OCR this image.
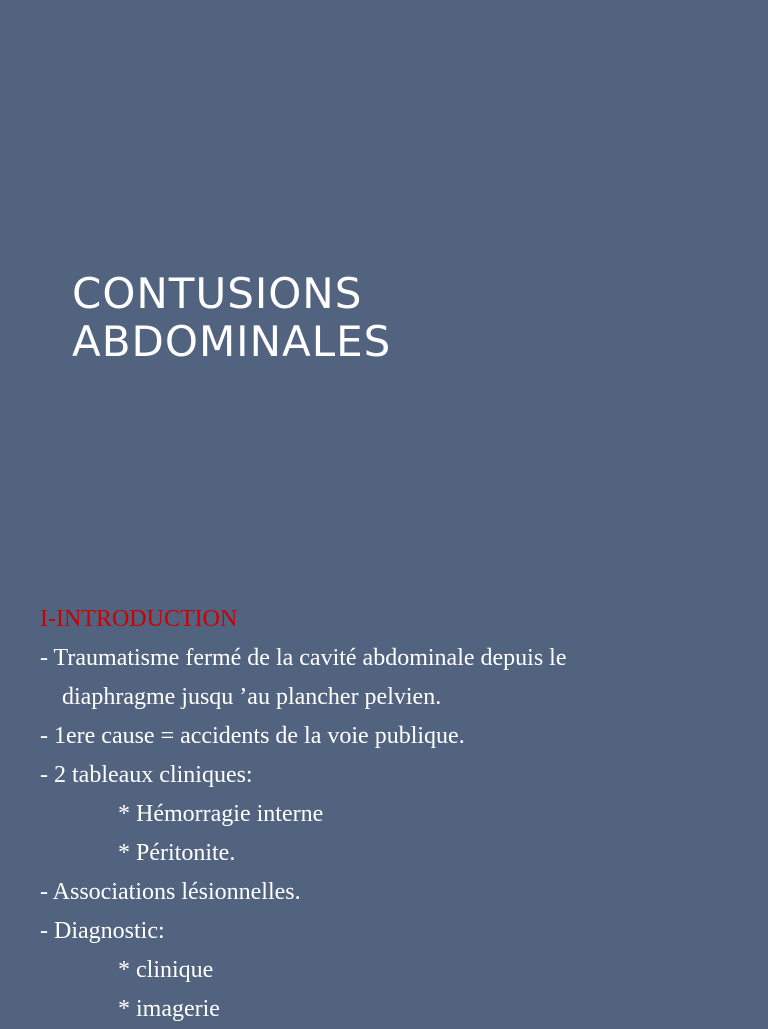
CONTUSIONS
ABDOMINALES
I-INTRODUCTION
- Traumatisme fermé de la cavité abdominale depuis le
diaphragme jusqu ’au plancher pelvien.
- 1ere cause = accidents de la voie publique.
- 2 tableaux cliniques:
* Hémorragie interne
* Péritonite.
- Associations lésionnelles.
- Diagnostic:
* clinique
* imagerie
